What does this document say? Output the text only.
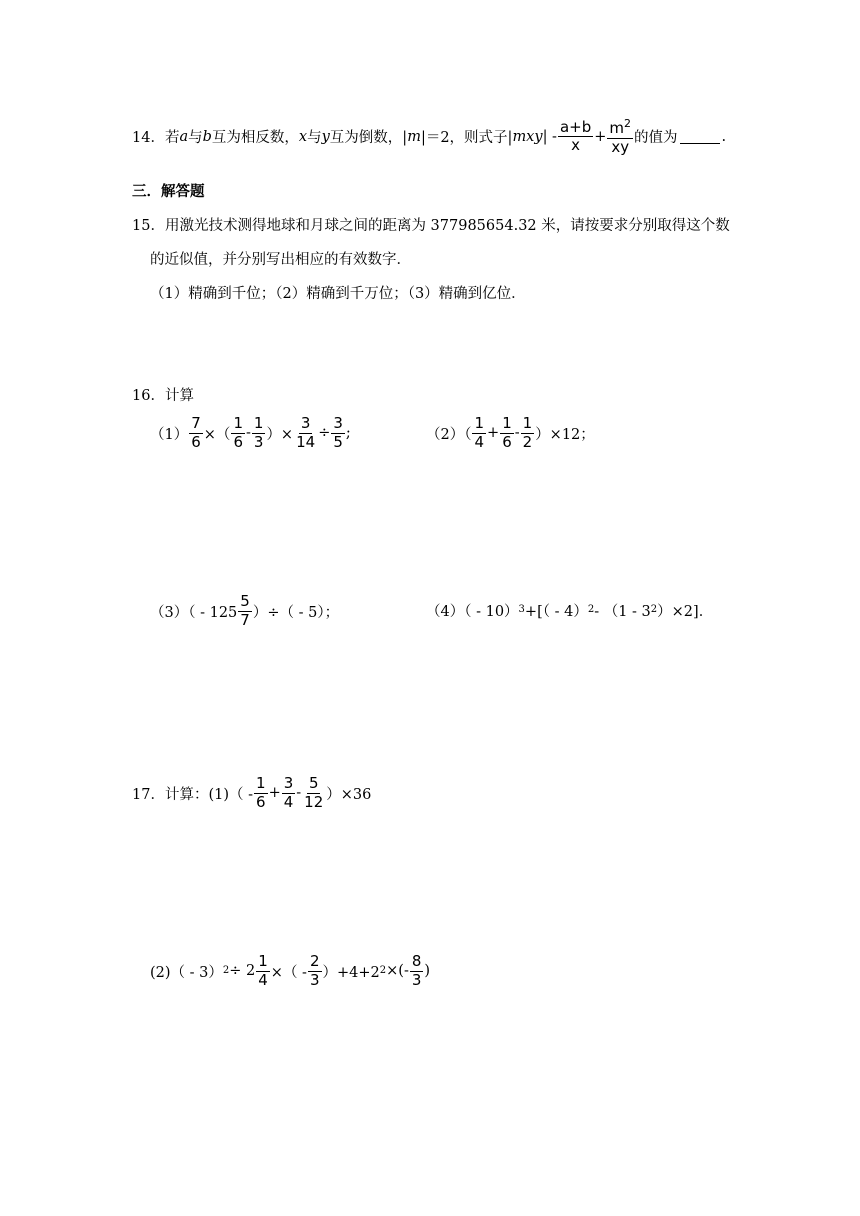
14． 若 a 与 b 互为相反数， x 与 y 互为倒数，| m |＝2，则式子| mxy | - $\frac{a+b}{x} + \frac{m^2}{xy}$ 的值为	.
三．解答题
15．用激光技术测得地球和月球之间的距离为 377985654.32 米，请按要求分别取得这个数
的近似值，并分别写出相应的有效数字．
（1）精确到千位；（2）精确到千万位；（3）精确到亿位．
16．计算
$(1) \frac{7}{6}$ ×（ $\frac{1}{6} - \frac{1}{3}$ ）× $\frac{3}{14} \div \frac{3}{5}$ ;	$(2)( \frac{1}{4} + \frac{1}{6} - \frac{1}{2} )\times 12$；
$(3)( - 125 \frac{5}{7}$ ）÷（ - 5）；	（4）（ - 10）$^3$ +[（ - $4)^2 - (1 - 3^2$ ）×2]．
17． 计算：$(1)( - \frac{1}{6} + \frac{3}{4} - \frac{5}{12} )\times 36$
$(2)( - 3)^2 \div 2 \frac{1}{4}$ ×（ - $\frac{2}{3} )+4+2^2$ ×(- $\frac{8}{3}$ )
